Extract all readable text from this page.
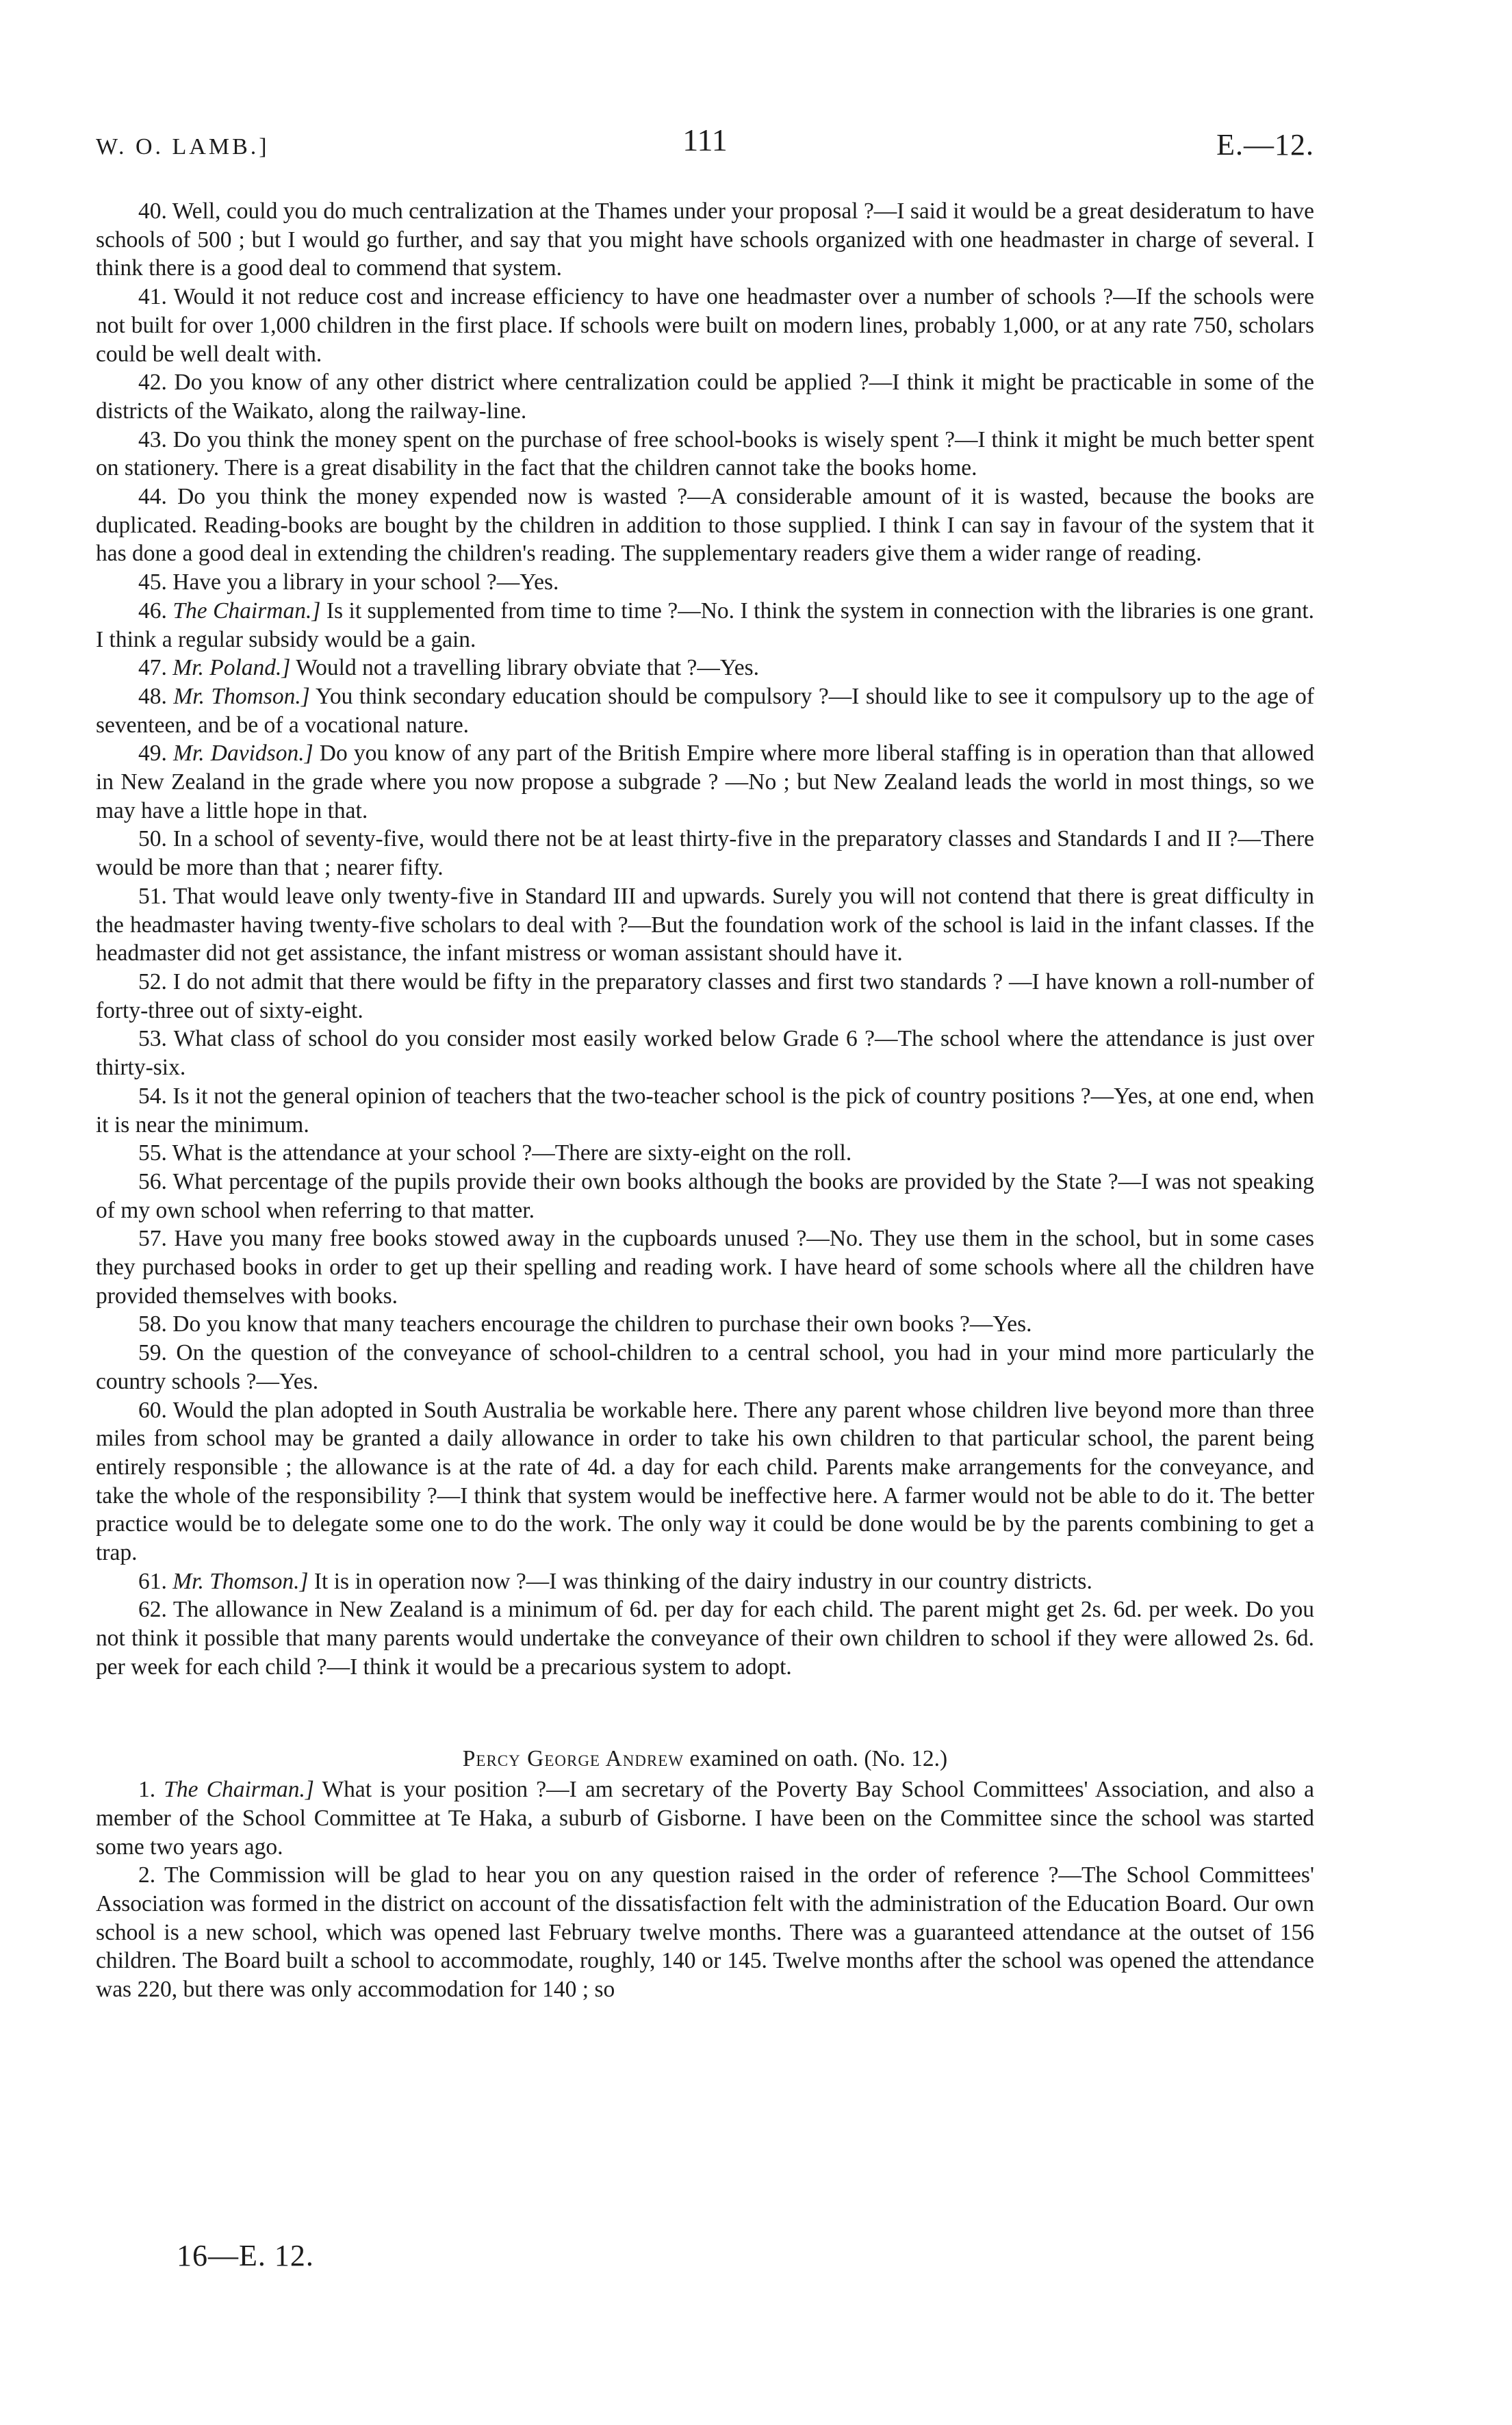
W. O. LAMB.]	111	E.—12.

40. Well, could you do much centralization at the Thames under your proposal ?—I said it would be a great desideratum to have schools of 500 ; but I would go further, and say that you might have schools organized with one headmaster in charge of several. I think there is a good deal to commend that system.

41. Would it not reduce cost and increase efficiency to have one headmaster over a number of schools ?—If the schools were not built for over 1,000 children in the first place. If schools were built on modern lines, probably 1,000, or at any rate 750, scholars could be well dealt with.

42. Do you know of any other district where centralization could be applied ?—I think it might be practicable in some of the districts of the Waikato, along the railway-line.

43. Do you think the money spent on the purchase of free school-books is wisely spent ?—I think it might be much better spent on stationery. There is a great disability in the fact that the children cannot take the books home.

44. Do you think the money expended now is wasted ?—A considerable amount of it is wasted, because the books are duplicated. Reading-books are bought by the children in addition to those supplied. I think I can say in favour of the system that it has done a good deal in extending the children's reading. The supplementary readers give them a wider range of reading.

45. Have you a library in your school ?—Yes.

46. The Chairman.] Is it supplemented from time to time ?—No. I think the system in connection with the libraries is one grant. I think a regular subsidy would be a gain.

47. Mr. Poland.] Would not a travelling library obviate that ?—Yes.

48. Mr. Thomson.] You think secondary education should be compulsory ?—I should like to see it compulsory up to the age of seventeen, and be of a vocational nature.

49. Mr. Davidson.] Do you know of any part of the British Empire where more liberal staffing is in operation than that allowed in New Zealand in the grade where you now propose a subgrade ? —No ; but New Zealand leads the world in most things, so we may have a little hope in that.

50. In a school of seventy-five, would there not be at least thirty-five in the preparatory classes and Standards I and II ?—There would be more than that ; nearer fifty.

51. That would leave only twenty-five in Standard III and upwards. Surely you will not contend that there is great difficulty in the headmaster having twenty-five scholars to deal with ?—But the foundation work of the school is laid in the infant classes. If the headmaster did not get assistance, the infant mistress or woman assistant should have it.

52. I do not admit that there would be fifty in the preparatory classes and first two standards ? —I have known a roll-number of forty-three out of sixty-eight.

53. What class of school do you consider most easily worked below Grade 6 ?—The school where the attendance is just over thirty-six.

54. Is it not the general opinion of teachers that the two-teacher school is the pick of country positions ?—Yes, at one end, when it is near the minimum.

55. What is the attendance at your school ?—There are sixty-eight on the roll.

56. What percentage of the pupils provide their own books although the books are provided by the State ?—I was not speaking of my own school when referring to that matter.

57. Have you many free books stowed away in the cupboards unused ?—No. They use them in the school, but in some cases they purchased books in order to get up their spelling and reading work. I have heard of some schools where all the children have provided themselves with books.

58. Do you know that many teachers encourage the children to purchase their own books ?—Yes.

59. On the question of the conveyance of school-children to a central school, you had in your mind more particularly the country schools ?—Yes.

60. Would the plan adopted in South Australia be workable here. There any parent whose children live beyond more than three miles from school may be granted a daily allowance in order to take his own children to that particular school, the parent being entirely responsible ; the allowance is at the rate of 4d. a day for each child. Parents make arrangements for the conveyance, and take the whole of the responsibility ?—I think that system would be ineffective here. A farmer would not be able to do it. The better practice would be to delegate some one to do the work. The only way it could be done would be by the parents combining to get a trap.

61. Mr. Thomson.] It is in operation now ?—I was thinking of the dairy industry in our country districts.

62. The allowance in New Zealand is a minimum of 6d. per day for each child. The parent might get 2s. 6d. per week. Do you not think it possible that many parents would undertake the conveyance of their own children to school if they were allowed 2s. 6d. per week for each child ?—I think it would be a precarious system to adopt.

Percy George Andrew examined on oath. (No. 12.)

1. The Chairman.] What is your position ?—I am secretary of the Poverty Bay School Committees' Association, and also a member of the School Committee at Te Haka, a suburb of Gisborne. I have been on the Committee since the school was started some two years ago.

2. The Commission will be glad to hear you on any question raised in the order of reference ?—The School Committees' Association was formed in the district on account of the dissatisfaction felt with the administration of the Education Board. Our own school is a new school, which was opened last February twelve months. There was a guaranteed attendance at the outset of 156 children. The Board built a school to accommodate, roughly, 140 or 145. Twelve months after the school was opened the attendance was 220, but there was only accommodation for 140 ; so

16—E. 12.
